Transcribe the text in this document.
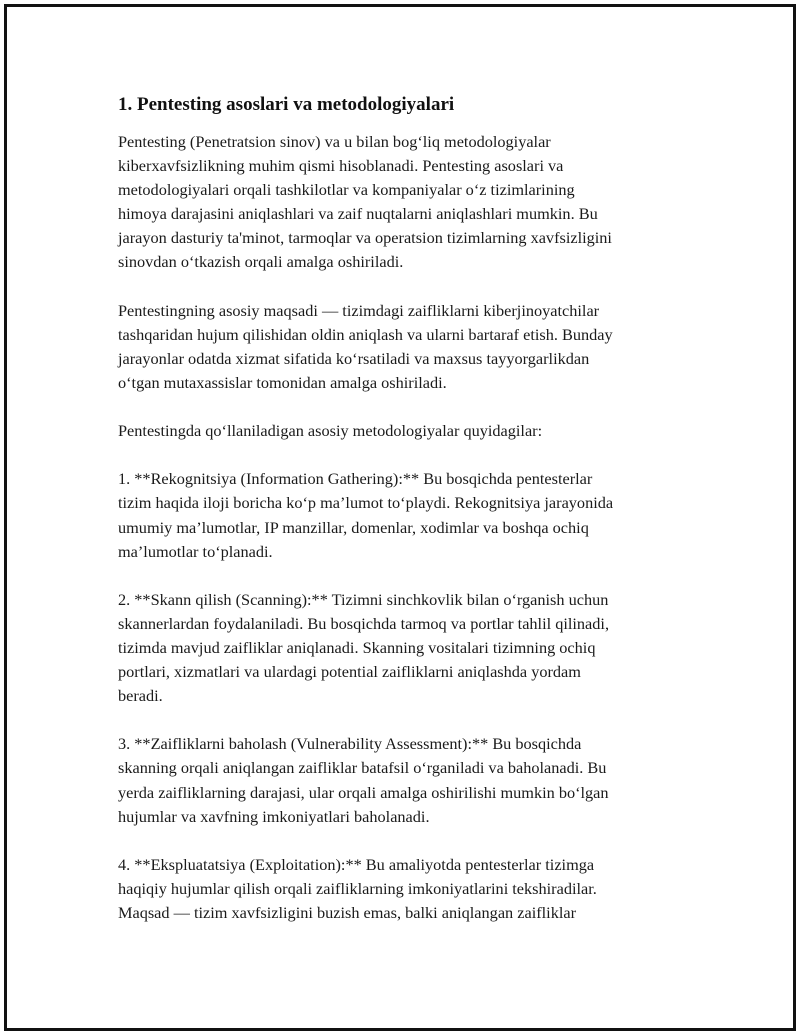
1. Pentesting asoslari va metodologiyalari

Pentesting (Penetratsion sinov) va u bilan bog‘liq metodologiyalar
kiberxavfsizlikning muhim qismi hisoblanadi. Pentesting asoslari va
metodologiyalari orqali tashkilotlar va kompaniyalar o‘z tizimlarining
himoya darajasini aniqlashlari va zaif nuqtalarni aniqlashlari mumkin. Bu
jarayon dasturiy ta'minot, tarmoqlar va operatsion tizimlarning xavfsizligini
sinovdan o‘tkazish orqali amalga oshiriladi.

Pentestingning asosiy maqsadi — tizimdagi zaifliklarni kiberjinoyatchilar
tashqaridan hujum qilishidan oldin aniqlash va ularni bartaraf etish. Bunday
jarayonlar odatda xizmat sifatida ko‘rsatiladi va maxsus tayyorgarlikdan
o‘tgan mutaxassislar tomonidan amalga oshiriladi.

Pentestingda qo‘llaniladigan asosiy metodologiyalar quyidagilar:

1. **Rekognitsiya (Information Gathering):** Bu bosqichda pentesterlar
tizim haqida iloji boricha ko‘p ma’lumot to‘playdi. Rekognitsiya jarayonida
umumiy ma’lumotlar, IP manzillar, domenlar, xodimlar va boshqa ochiq
ma’lumotlar to‘planadi.

2. **Skann qilish (Scanning):** Tizimni sinchkovlik bilan o‘rganish uchun
skannerlardan foydalaniladi. Bu bosqichda tarmoq va portlar tahlil qilinadi,
tizimda mavjud zaifliklar aniqlanadi. Skanning vositalari tizimning ochiq
portlari, xizmatlari va ulardagi potential zaifliklarni aniqlashda yordam
beradi.

3. **Zaifliklarni baholash (Vulnerability Assessment):** Bu bosqichda
skanning orqali aniqlangan zaifliklar batafsil o‘rganiladi va baholanadi. Bu
yerda zaifliklarning darajasi, ular orqali amalga oshirilishi mumkin bo‘lgan
hujumlar va xavfning imkoniyatlari baholanadi.

4. **Ekspluatatsiya (Exploitation):** Bu amaliyotda pentesterlar tizimga
haqiqiy hujumlar qilish orqali zaifliklarning imkoniyatlarini tekshiradilar.
Maqsad — tizim xavfsizligini buzish emas, balki aniqlangan zaifliklar
